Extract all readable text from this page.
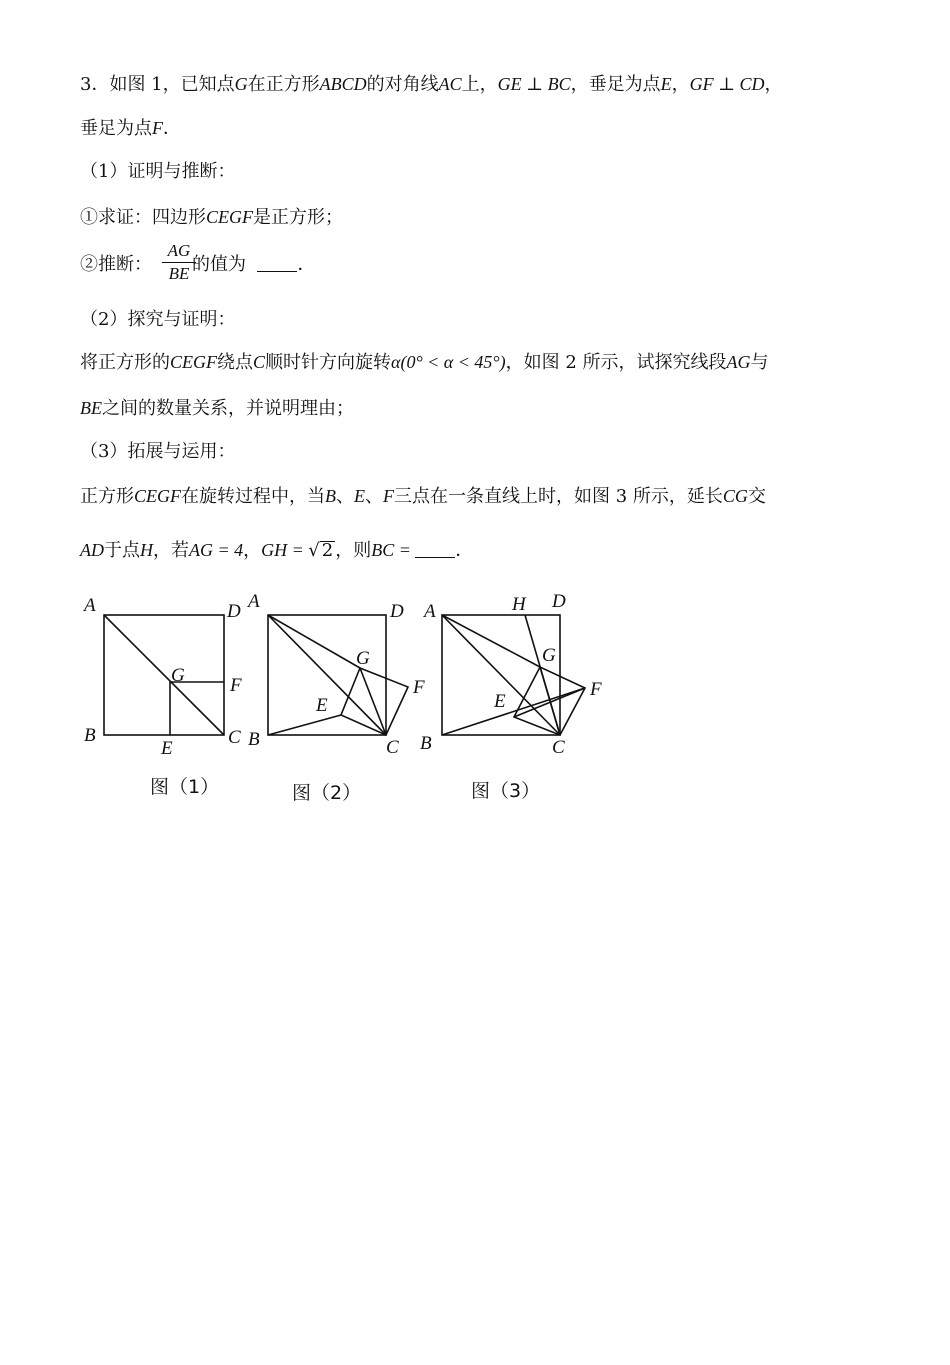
3．如图 1，已知点G在正方形ABCD的对角线AC上，GE ⊥ BC，垂足为点E，GF ⊥ CD，
垂足为点F．
（1）证明与推断：
①求证：四边形CEGF是正方形；
②推断： 的值为	．
$\frac{AG}{BE}$
（2）探究与证明：
将正方形的CEGF绕点C顺时针方向旋转α(0° < α < 45°)，如图 2 所示，试探究线段AG与
BE之间的数量关系，并说明理由；
（3）拓展与运用：
正方形CEGF在旋转过程中，当B、E、F三点在一条直线上时，如图 3 所示，延长CG交
AD于点H，若AG = 4，GH = √ 2 ，则BC = ．
A	D
G F
B	C
E
A	D
G
F
E
B	C
A	H D
G
F
E
B	C
图（1）	图（2）	图（3）
